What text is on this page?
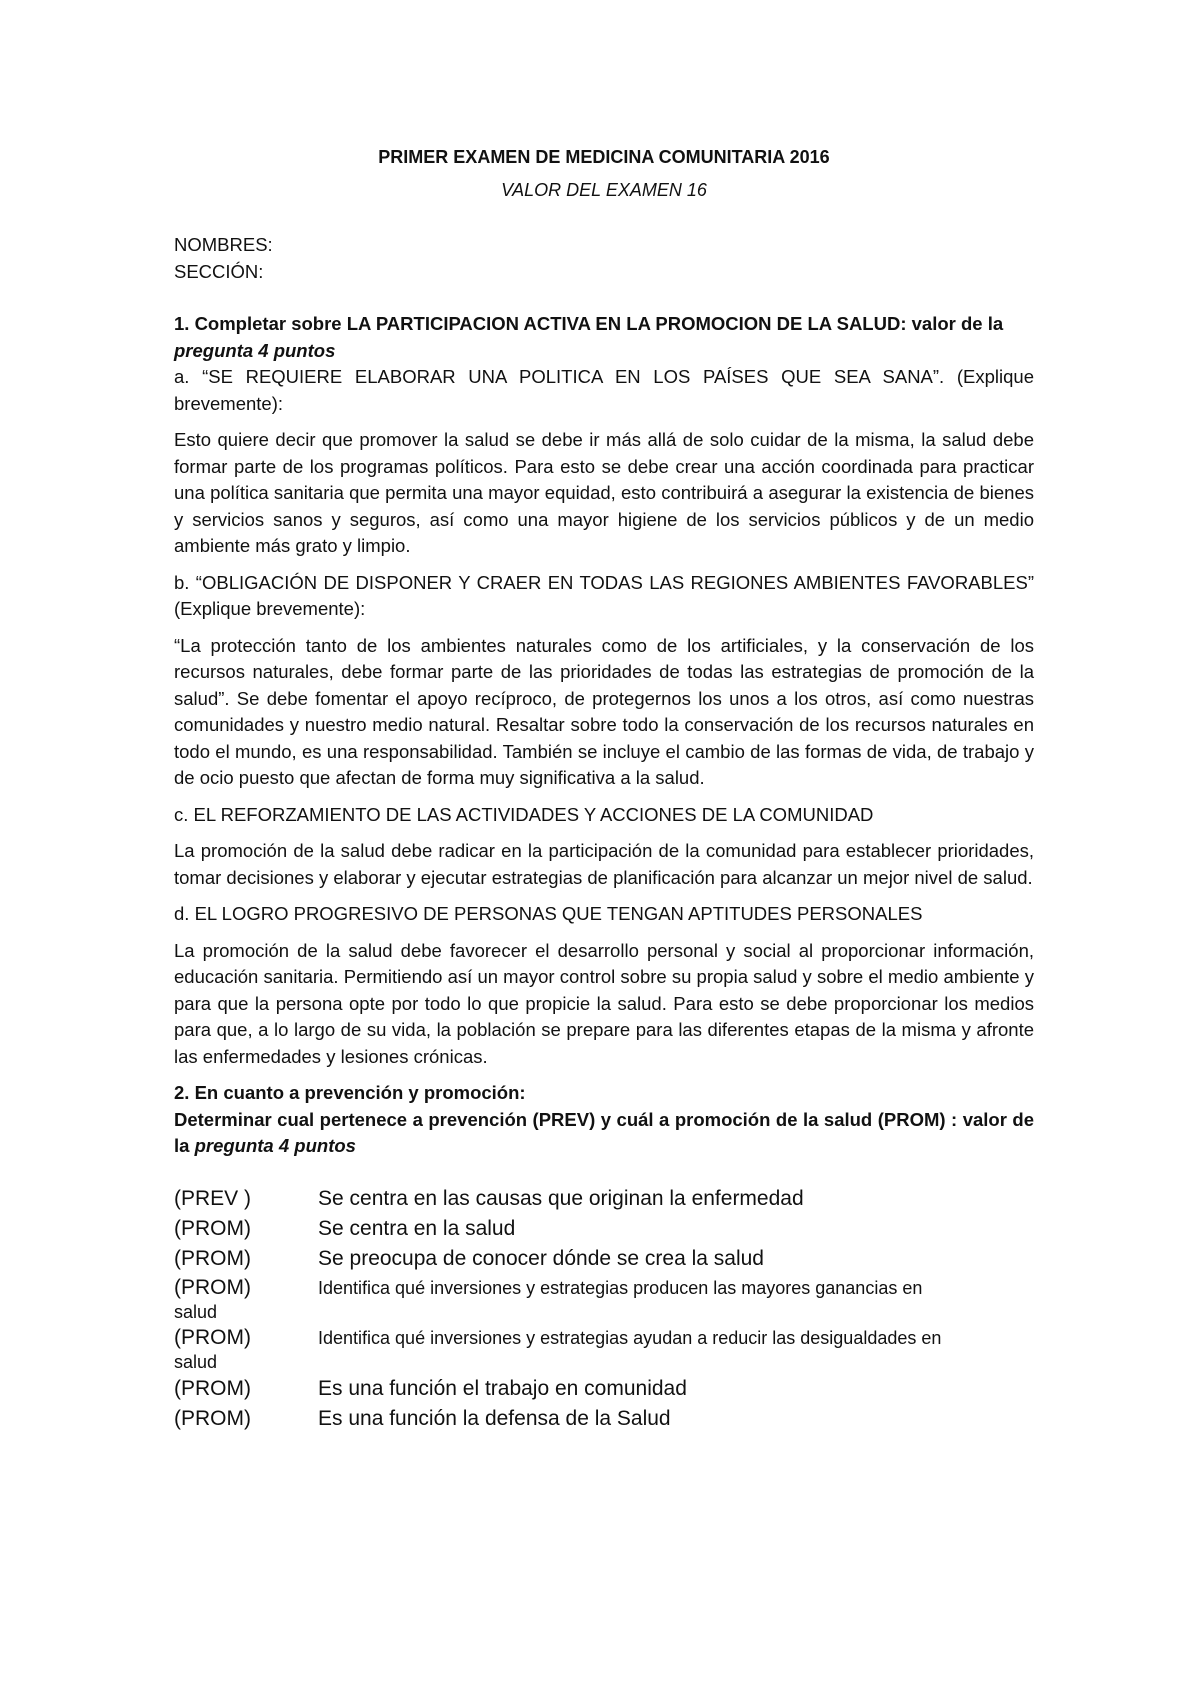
PRIMER EXAMEN DE MEDICINA COMUNITARIA 2016

VALOR DEL EXAMEN 16

NOMBRES:

SECCIÓN:

1. Completar sobre LA PARTICIPACION ACTIVA EN LA PROMOCION DE LA SALUD: valor de la pregunta 4 puntos

a. “SE REQUIERE ELABORAR UNA POLITICA EN LOS PAÍSES QUE SEA SANA”. (Explique brevemente):

Esto quiere decir que promover la salud se debe ir más allá de solo cuidar de la misma, la salud debe formar parte de los programas políticos. Para esto se debe crear una acción coordinada para practicar una política sanitaria que permita una mayor equidad, esto contribuirá a asegurar la existencia de bienes y servicios sanos y seguros, así como una mayor higiene de los servicios públicos y de un medio ambiente más grato y limpio.

b. “OBLIGACIÓN DE DISPONER Y CRAER EN TODAS LAS REGIONES AMBIENTES FAVORABLES” (Explique brevemente):

“La protección tanto de los ambientes naturales como de los artificiales, y la conservación de los recursos naturales, debe formar parte de las prioridades de todas las estrategias de promoción de la salud”. Se debe fomentar el apoyo recíproco, de protegernos los unos a los otros, así como nuestras comunidades y nuestro medio natural. Resaltar sobre todo la conservación de los recursos naturales en todo el mundo, es una responsabilidad. También se incluye el cambio de las formas de vida, de trabajo y de ocio puesto que afectan de forma muy significativa a la salud.

c. EL REFORZAMIENTO DE LAS ACTIVIDADES Y ACCIONES DE LA COMUNIDAD

La promoción de la salud debe radicar en la participación de la comunidad para establecer prioridades, tomar decisiones y elaborar y ejecutar estrategias de planificación para alcanzar un mejor nivel de salud.

d. EL LOGRO PROGRESIVO DE PERSONAS QUE TENGAN APTITUDES PERSONALES

La promoción de la salud debe favorecer el desarrollo personal y social al proporcionar información, educación sanitaria. Permitiendo así un mayor control sobre su propia salud y sobre el medio ambiente y para que la persona opte por todo lo que propicie la salud. Para esto se debe proporcionar los medios para que, a lo largo de su vida, la población se prepare para las diferentes etapas de la misma y afronte las enfermedades y lesiones crónicas.

2. En cuanto a prevención y promoción:

Determinar cual pertenece a prevención (PREV) y cuál a promoción de la salud (PROM) : valor de la pregunta 4 puntos

(PREV )	Se centra en las causas que originan la enfermedad
(PROM)	Se centra en la salud
(PROM)	Se preocupa de conocer dónde se crea la salud
(PROM)	Identifica qué inversiones y estrategias producen las mayores ganancias en
salud
(PROM)	Identifica qué inversiones y estrategias ayudan a reducir las desigualdades en
salud
(PROM)	Es una función el trabajo en comunidad
(PROM)	Es una función la defensa de la Salud
